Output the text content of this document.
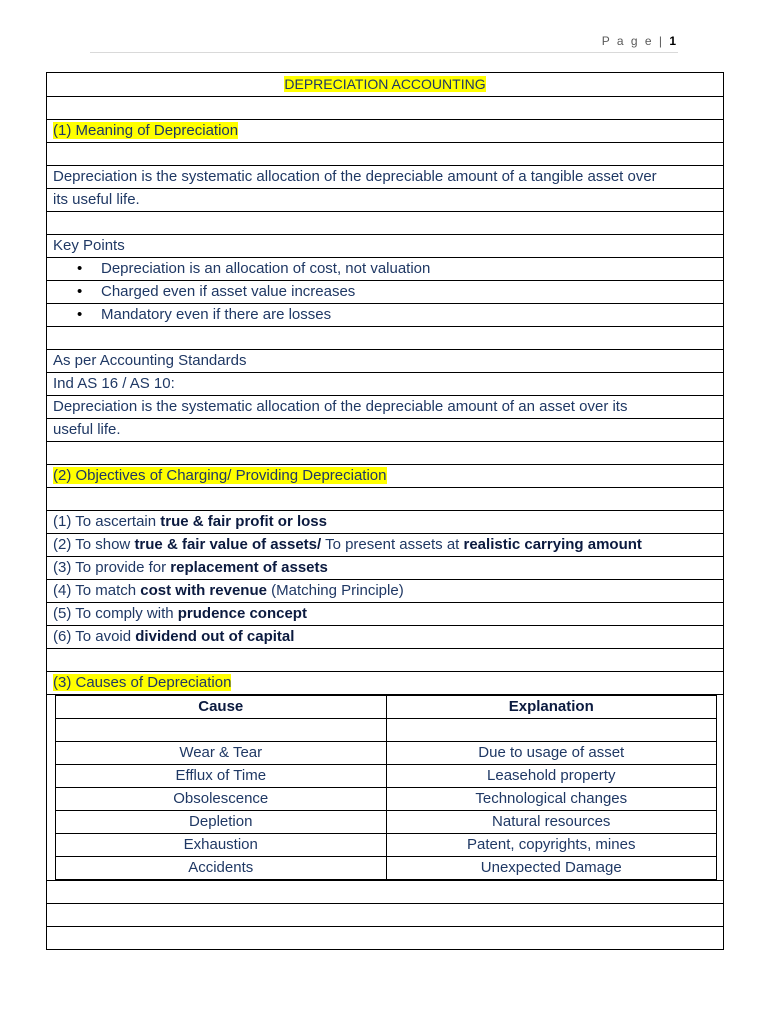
P a g e | 1
DEPRECIATION ACCOUNTING

(1) Meaning of Depreciation

Depreciation is the systematic allocation of the depreciable amount of a tangible asset over
its useful life.

Key Points
• Depreciation is an allocation of cost, not valuation
• Charged even if asset value increases
• Mandatory even if there are losses

As per Accounting Standards
Ind AS 16 / AS 10:
Depreciation is the systematic allocation of the depreciable amount of an asset over its
useful life.

(2) Objectives of Charging/ Providing Depreciation

(1) To ascertain true & fair profit or loss
(2) To show true & fair value of assets/ To present assets at realistic carrying amount
(3) To provide for replacement of assets
(4) To match cost with revenue (Matching Principle)
(5) To comply with prudence concept
(6) To avoid dividend out of capital

(3) Causes of Depreciation

Cause	Explanation

Wear & Tear	Due to usage of asset
Efflux of Time	Leasehold property
Obsolescence	Technological changes
Depletion	Natural resources
Exhaustion	Patent, copyrights, mines
Accidents	Unexpected Damage
